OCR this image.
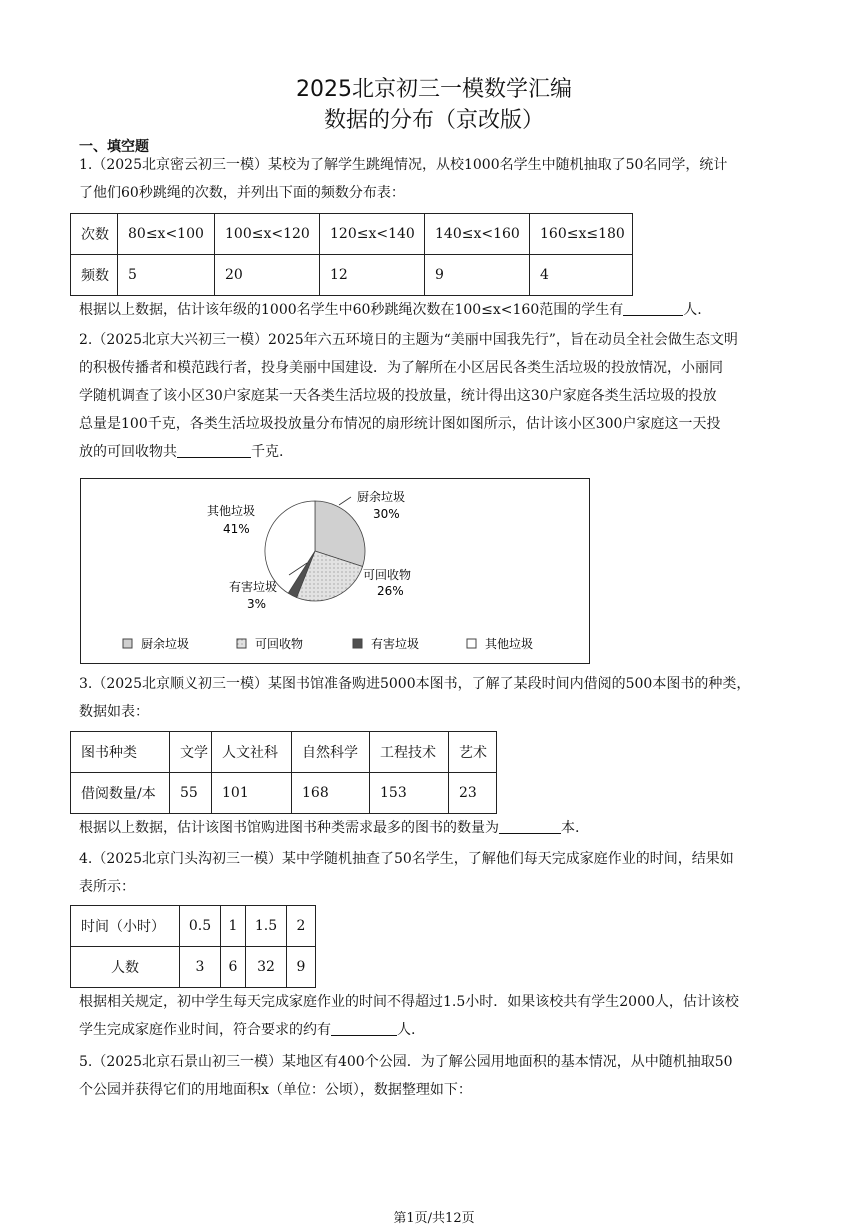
2025北京初三一模数学汇编
数据的分布（京改版）
一、填空题
1.（2025北京密云初三一模）某校为了解学生跳绳情况，从校1000名学生中随机抽取了50名同学，统计
了他们60秒跳绳的次数，并列出下面的频数分布表：
次数	80≤x<100	100≤x<120	120≤x<140	140≤x<160	160≤x≤180
频数	5	20	12	9	4
根据以上数据，估计该年级的1000名学生中60秒跳绳次数在100≤x<160范围的学生有	人.
2.（2025北京大兴初三一模）2025年六五环境日的主题为“美丽中国我先行”，旨在动员全社会做生态文明
的积极传播者和模范践行者，投身美丽中国建设．为了解所在小区居民各类生活垃圾的投放情况，小丽同
学随机调查了该小区30户家庭某一天各类生活垃圾的投放量，统计得出这30户家庭各类生活垃圾的投放
总量是100千克，各类生活垃圾投放量分布情况的扇形统计图如图所示，估计该小区300户家庭这一天投
放的可回收物共	千克.
厨余垃圾
30%
可回收物
26%
有害垃圾
3%
其他垃圾
41%
厨余垃圾	可回收物	有害垃圾	其他垃圾
3.（2025北京顺义初三一模）某图书馆准备购进5000本图书，了解了某段时间内借阅的500本图书的种类，
数据如表：
图书种类	文学	人文社科	自然科学	工程技术	艺术
借阅数量/本	55	101	168	153	23
根据以上数据，估计该图书馆购进图书种类需求最多的图书的数量为	本.
4.（2025北京门头沟初三一模）某中学随机抽查了50名学生，了解他们每天完成家庭作业的时间，结果如
表所示：
时间（小时）	0.5	1	1.5	2
人数	3	6	32	9
根据相关规定，初中学生每天完成家庭作业的时间不得超过1.5小时．如果该校共有学生2000人，估计该校
学生完成家庭作业时间，符合要求的约有	人.
5.（2025北京石景山初三一模）某地区有400个公园．为了解公园用地面积的基本情况，从中随机抽取50
个公园并获得它们的用地面积x（单位：公顷），数据整理如下：
第1页/共12页
